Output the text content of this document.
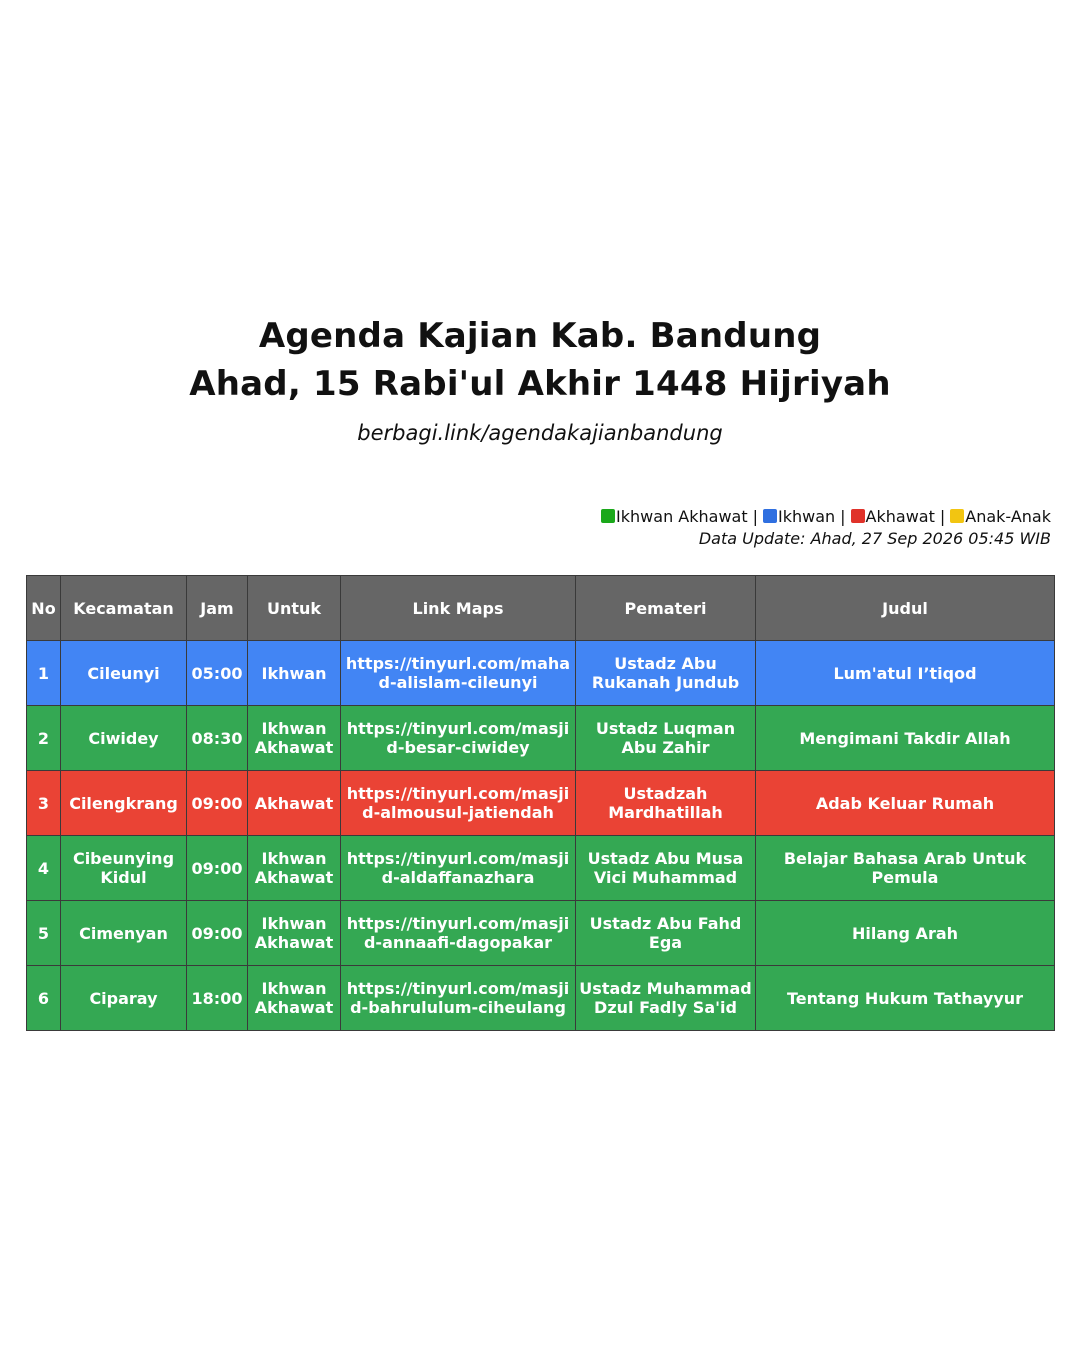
Agenda Kajian Kab. Bandung
Ahad, 15 Rabi'ul Akhir 1448 Hijriyah
berbagi.link/agendakajianbandung
Ikhwan Akhawat | Ikhwan | Akhawat | Anak-Anak
Data Update: Ahad, 27 Sep 2026 05:45 WIB
No	Kecamatan	Jam	Untuk	Link Maps	Pemateri	Judul
1	Cileunyi	05:00	Ikhwan	https://tinyurl.com/mahad-alislam-cileunyi	Ustadz Abu Rukanah Jundub	Lum'atul I’tiqod
2	Ciwidey	08:30	Ikhwan Akhawat	https://tinyurl.com/masjid-besar-ciwidey	Ustadz Luqman Abu Zahir	Mengimani Takdir Allah
3	Cilengkrang	09:00	Akhawat	https://tinyurl.com/masjid-almousul-jatiendah	Ustadzah Mardhatillah	Adab Keluar Rumah
4	Cibeunying Kidul	09:00	Ikhwan Akhawat	https://tinyurl.com/masjid-aldaffanazhara	Ustadz Abu Musa Vici Muhammad	Belajar Bahasa Arab Untuk Pemula
5	Cimenyan	09:00	Ikhwan Akhawat	https://tinyurl.com/masjid-annaafi-dagopakar	Ustadz Abu Fahd Ega	Hilang Arah
6	Ciparay	18:00	Ikhwan Akhawat	https://tinyurl.com/masjid-bahrululum-ciheulang	Ustadz Muhammad Dzul Fadly Sa'id	Tentang Hukum Tathayyur
